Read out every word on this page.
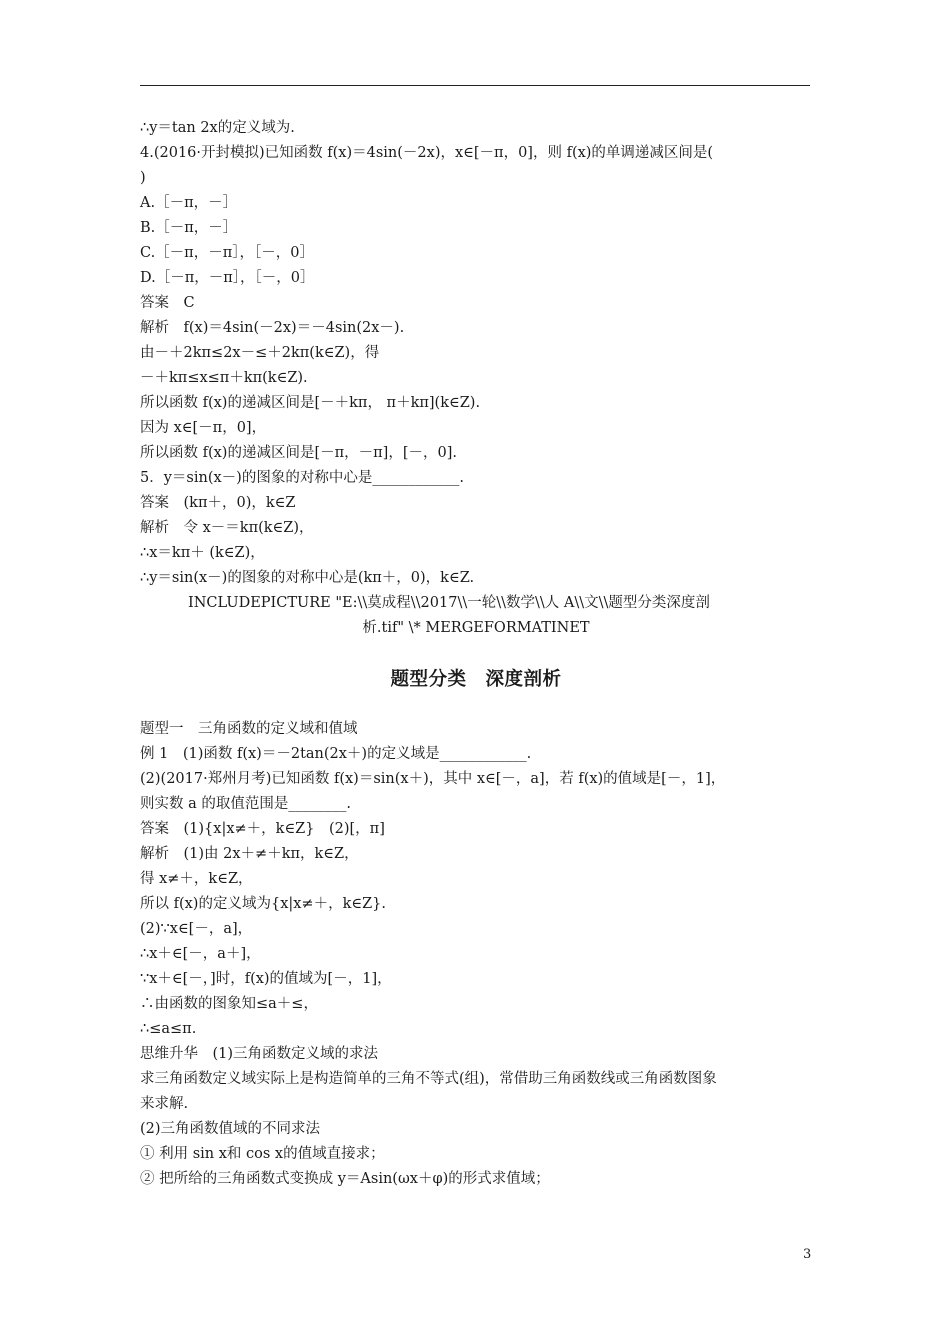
∴y＝tan 2x的定义域为.
4.(2016·开封模拟)已知函数 f(x)＝4sin(－2x)，x∈[－π，0]，则 f(x)的单调递减区间是(
)
A.［－π，－］
B.［－π，－］
C.［－π，－π］，［－，0］
D.［－π，－π］，［－，0］
答案　C
解析　f(x)＝4sin(－2x)＝－4sin(2x－).
由－＋2kπ≤2x－≤＋2kπ(k∈Z)，得
－＋kπ≤x≤π＋kπ(k∈Z).
所以函数 f(x)的递减区间是[－＋kπ， π＋kπ](k∈Z).
因为 x∈[－π，0]，
所以函数 f(x)的递减区间是[－π，－π]，[－，0].
5．y＝sin(x－)的图象的对称中心是____________.
答案　(kπ＋，0)，k∈Z
解析　令 x－＝kπ(k∈Z)，
∴x＝kπ＋ (k∈Z)，
∴y＝sin(x－)的图象的对称中心是(kπ＋，0)，k∈Z.
INCLUDEPICTURE "E:\\莫成程\\2017\\一轮\\数学\\人 A\\文\\题型分类深度剖
析.tif" \* MERGEFORMATINET
题型分类　深度剖析
题型一　三角函数的定义域和值域
例 1　(1)函数 f(x)＝－2tan(2x＋)的定义域是____________.
(2)(2017·郑州月考)已知函数 f(x)＝sin(x＋)，其中 x∈[－，a]，若 f(x)的值域是[－，1]，
则实数 a 的取值范围是________.
答案　(1){x|x≠＋，k∈Z}　(2)[，π]
解析　(1)由 2x＋≠＋kπ，k∈Z，
得 x≠＋，k∈Z，
所以 f(x)的定义域为{x|x≠＋，k∈Z}.
(2)∵x∈[－，a]，
∴x＋∈[－，a＋]，
∵x＋∈[－，]时，f(x)的值域为[－，1]，
∴由函数的图象知≤a＋≤，
∴≤a≤π.
思维升华　(1)三角函数定义域的求法
求三角函数定义域实际上是构造简单的三角不等式(组)，常借助三角函数线或三角函数图象
来求解.
(2)三角函数值域的不同求法
① 利用 sin x和 cos x的值域直接求；
② 把所给的三角函数式变换成 y＝Asin(ωx＋φ)的形式求值域；
3
